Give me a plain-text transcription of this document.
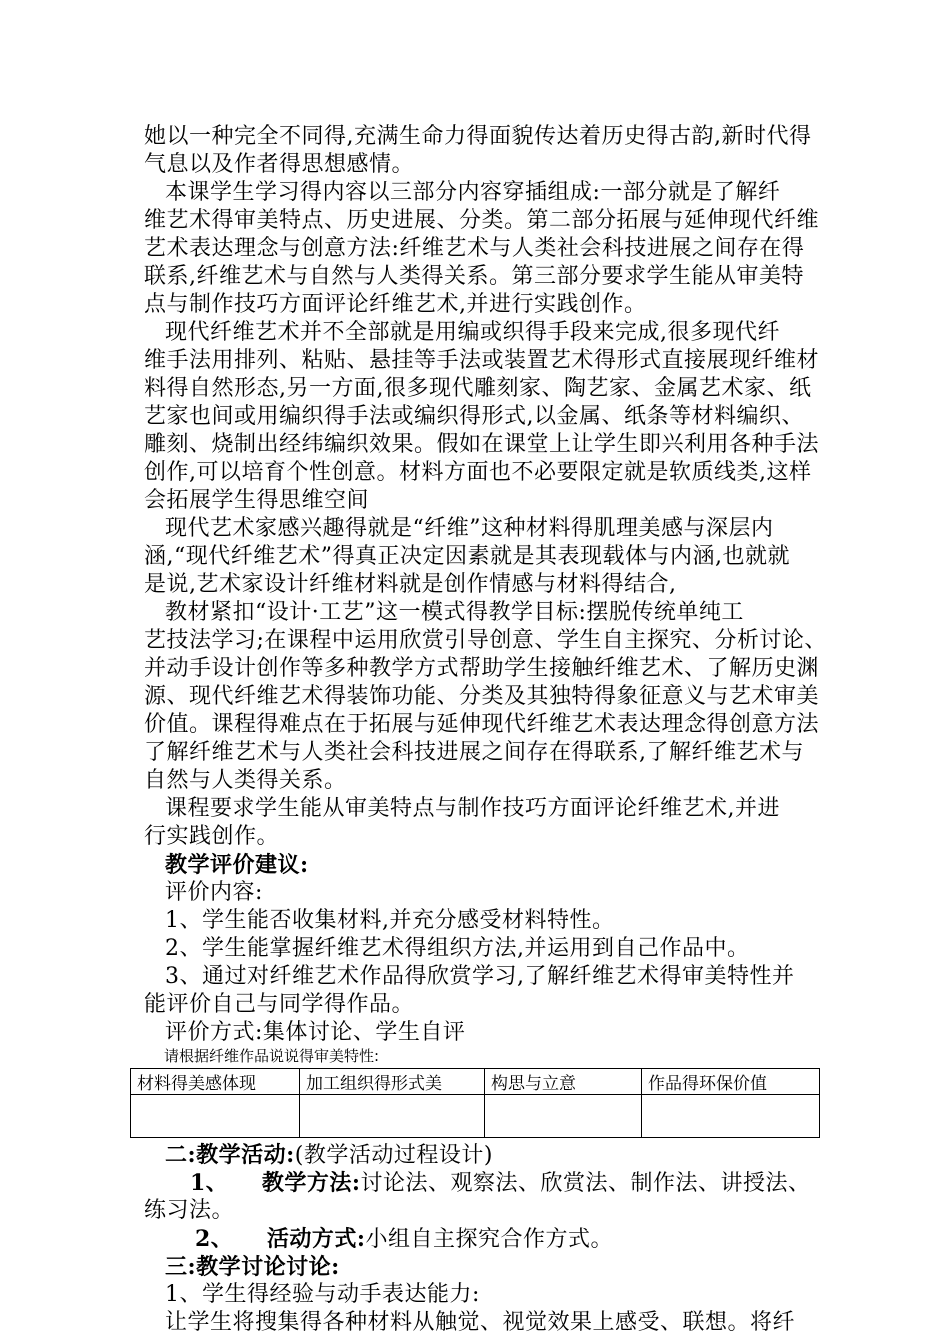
她以一种完全不同得,充满生命力得面貌传达着历史得古韵,新时代得
气息以及作者得思想感情。
本课学生学习得内容以三部分内容穿插组成:一部分就是了解纤
维艺术得审美特点、历史进展、分类。第二部分拓展与延伸现代纤维
艺术表达理念与创意方法:纤维艺术与人类社会科技进展之间存在得
联系,纤维艺术与自然与人类得关系。第三部分要求学生能从审美特
点与制作技巧方面评论纤维艺术,并进行实践创作。
现代纤维艺术并不全部就是用编或织得手段来完成,很多现代纤
维手法用排列、粘贴、悬挂等手法或装置艺术得形式直接展现纤维材
料得自然形态,另一方面,很多现代雕刻家、陶艺家、金属艺术家、纸
艺家也间或用编织得手法或编织得形式,以金属、纸条等材料编织、
雕刻、烧制出经纬编织效果。假如在课堂上让学生即兴利用各种手法
创作,可以培育个性创意。材料方面也不必要限定就是软质线类,这样
会拓展学生得思维空间
现代艺术家感兴趣得就是“纤维”这种材料得肌理美感与深层内
涵,“现代纤维艺术”得真正决定因素就是其表现载体与内涵,也就就
是说,艺术家设计纤维材料就是创作情感与材料得结合,
教材紧扣“设计·工艺”这一模式得教学目标:摆脱传统单纯工
艺技法学习;在课程中运用欣赏引导创意、学生自主探究、分析讨论、
并动手设计创作等多种教学方式帮助学生接触纤维艺术、了解历史渊
源、现代纤维艺术得装饰功能、分类及其独特得象征意义与艺术审美
价值。课程得难点在于拓展与延伸现代纤维艺术表达理念得创意方法
了解纤维艺术与人类社会科技进展之间存在得联系,了解纤维艺术与
自然与人类得关系。
课程要求学生能从审美特点与制作技巧方面评论纤维艺术,并进
行实践创作。
教学评价建议:
评价内容:
1、学生能否收集材料,并充分感受材料特性。
2、学生能掌握纤维艺术得组织方法,并运用到自己作品中。
3、通过对纤维艺术作品得欣赏学习,了解纤维艺术得审美特性并
能评价自己与同学得作品。
评价方式:集体讨论、学生自评
请根据纤维作品说说得审美特性:
材料得美感体现	加工组织得形式美	构思与立意	作品得环保价值

二:教学活动:(教学活动过程设计)
1、 教学方法:讨论法、观察法、欣赏法、制作法、讲授法、
练习法。
2、 活动方式:小组自主探究合作方式。
三:教学讨论讨论:
1、学生得经验与动手表达能力:
让学生将搜集得各种材料从触觉、视觉效果上感受、联想。将纤
